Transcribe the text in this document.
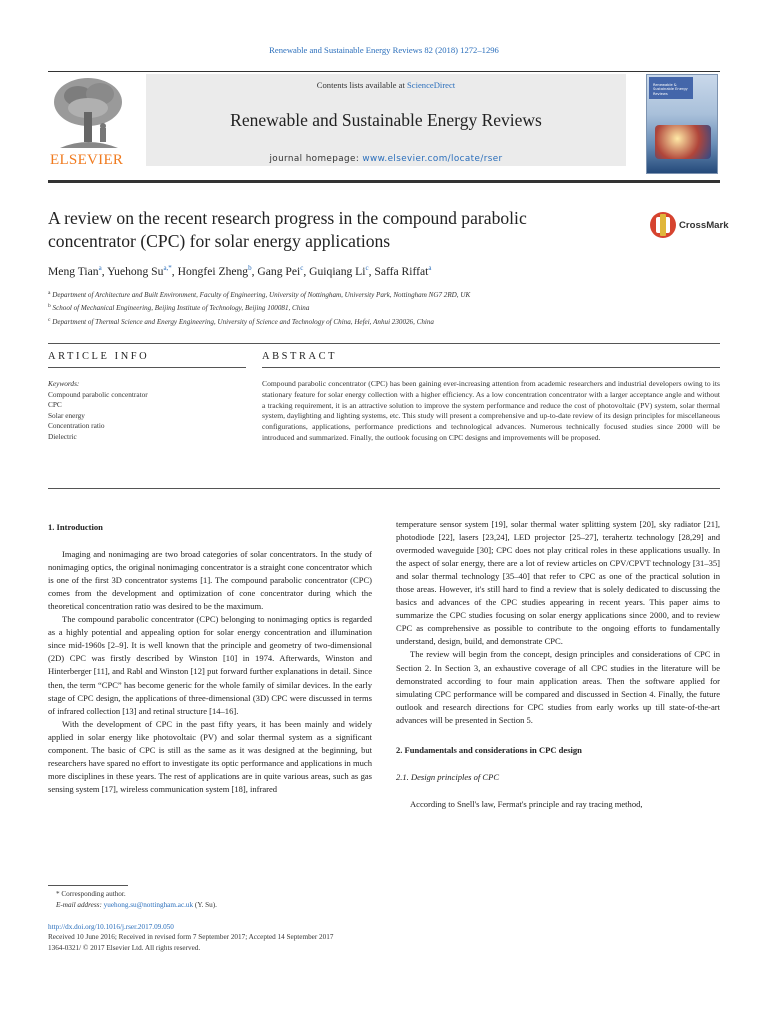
Renewable and Sustainable Energy Reviews 82 (2018) 1272–1296
ELSEVIER
Contents lists available at ScienceDirect
Renewable and Sustainable Energy Reviews
journal homepage: www.elsevier.com/locate/rser
Renewable & Sustainable Energy Reviews
A review on the recent research progress in the compound parabolic concentrator (CPC) for solar energy applications
CrossMark
Meng Tian$^a$, Yuehong $Su^{a,*}$, Hongfei Zheng$^b$, Gang Pei$^c$, Guiqiang Li$^c$, Saffa Riffat$^a$
$^a$ Department of Architecture and Built Environment, Faculty of Engineering, University of Nottingham, University Park, Nottingham NG7 2RD, UK
$^b$ School of Mechanical Engineering, Beijing Institute of Technology, Beijing 100081, China
$^c$ Department of Thermal Science and Energy Engineering, University of Science and Technology of China, Hefei, Anhui 230026, China
ARTICLE INFO	ABSTRACT
Keywords:
Compound parabolic concentrator
CPC
Solar energy
Concentration ratio
Dielectric
Compound parabolic concentrator (CPC) has been gaining ever-increasing attention from academic researchers and industrial developers owing to its stationary feature for solar energy collection with a higher efficiency. As a low concentration concentrator with a larger acceptance angle and without a tracking requirement, it is an attractive solution to improve the system performance and reduce the cost of photovoltaic (PV) system, solar thermal system, daylighting and lighting systems, etc. This study will present a comprehensive and up-to-date review of its design principles for miscellaneous configurations, applications, performance predictions and technological advances. Numerous technically focused studies since 2000 will be introduced and summarized. Finally, the outlook focusing on CPC designs and improvements will be proposed.
1. Introduction

Imaging and nonimaging are two broad categories of solar concentrators. In the study of nonimaging optics, the original nonimaging concentrator is a straight cone concentrator which is one of the first 3D concentrator systems [1]. The compound parabolic concentrator (CPC) comes from the development and optimization of cone concentrator during which the theoretical concentration ratio was desired to be the maximum.

The compound parabolic concentrator (CPC) belonging to nonimaging optics is regarded as a highly potential and appealing option for solar energy concentration and illumination since mid-1960s [2–9]. It is well known that the principle and geometry of two-dimensional (2D) CPC was firstly described by Winston [10] in 1974. Afterwards, Winston and Hinterberger [11], and Rabl and Winston [12] put forward further explanations in detail. Since then, the term “CPC” has become generic for the whole family of similar devices. In the early stage of CPC design, the applications of three-dimensional (3D) CPC were discussed in terms of infrared collection [13] and retinal structure [14–16].

With the development of CPC in the past fifty years, it has been mainly and widely applied in solar energy like photovoltaic (PV) and solar thermal system as a significant component. The basic of CPC is still as the same as it was designed at the beginning, but researchers have spared no effort to investigate its optic performance and applications in much more disciplines in these years. The rest of applications are in quite various areas, such as gas sensing system [17], wireless communication system [18], infrared

temperature sensor system [19], solar thermal water splitting system [20], sky radiator [21], photodiode [22], lasers [23,24], LED projector [25–27], terahertz technology [28,29] and overmoded waveguide [30]; CPC does not play critical roles in these applications usually. In the aspect of solar energy, there are a lot of review articles on CPV/CPVT technology [31–35] and solar thermal technology [35–40] that refer to CPC as one of the practical solution in those areas. However, it's still hard to find a review that is solely dedicated to discussing the basics and advances of the CPC studies appearing in recent years. This paper aims to summarize the CPC studies focusing on solar energy applications since 2000, and to review CPC as comprehensive as possible to contribute to the ongoing efforts to fundamentally understand, design, build, and demonstrate CPC.

The review will begin from the concept, design principles and considerations of CPC in Section 2. In Section 3, an exhaustive coverage of all CPC studies in the literature will be demonstrated according to four main application areas. Then the software applied for simulating CPC performance will be compared and discussed in Section 4. Finally, the future outlook and research directions for CPC studies from early works up till state-of-the-art advances will be presented in Section 5.

2. Fundamentals and considerations in CPC design
2.1. Design principles of CPC

According to Snell's law, Fermat's principle and ray tracing method,

* Corresponding author.
E-mail address: yuehong.su@nottingham.ac.uk (Y. Su).
http://dx.doi.org/10.1016/j.rser.2017.09.050
Received 10 June 2016; Received in revised form 7 September 2017; Accepted 14 September 2017
1364-0321/ © 2017 Elsevier Ltd. All rights reserved.
